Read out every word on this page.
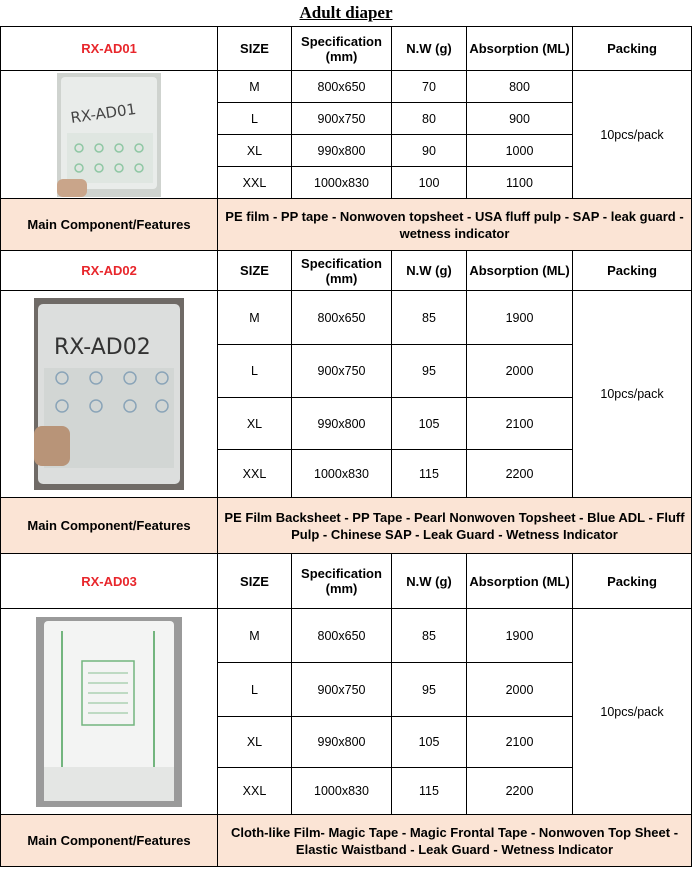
Adult diaper
RX-AD01	SIZE	Specification (mm)	N.W (g)	Absorption (ML)	Packing

RX-AD01	M	800x650	70	800	10pcs/pack
	L	900x750	80	900	
	XL	990x800	90	1000	
	XXL	1000x830	100	1100	
Main Component/Features	PE film - PP tape - Nonwoven topsheet - USA fluff pulp - SAP - leak guard - wetness indicator				
RX-AD02	SIZE	Specification (mm)	N.W (g)	Absorption (ML)	Packing

RX-AD02	M	800x650	85	1900	10pcs/pack
	L	900x750	95	2000	
	XL	990x800	105	2100	
	XXL	1000x830	115	2200	
Main Component/Features	PE Film Backsheet - PP Tape - Pearl Nonwoven Topsheet - Blue ADL - Fluff Pulp - Chinese SAP - Leak Guard - Wetness Indicator				
RX-AD03	SIZE	Specification (mm)	N.W (g)	Absorption (ML)	Packing

	M	800x650	85	1900	10pcs/pack
	L	900x750	95	2000	
	XL	990x800	105	2100	
	XXL	1000x830	115	2200	
Main Component/Features	Cloth-like Film- Magic Tape - Magic Frontal Tape - Nonwoven Top Sheet - Elastic Waistband - Leak Guard - Wetness Indicator				
